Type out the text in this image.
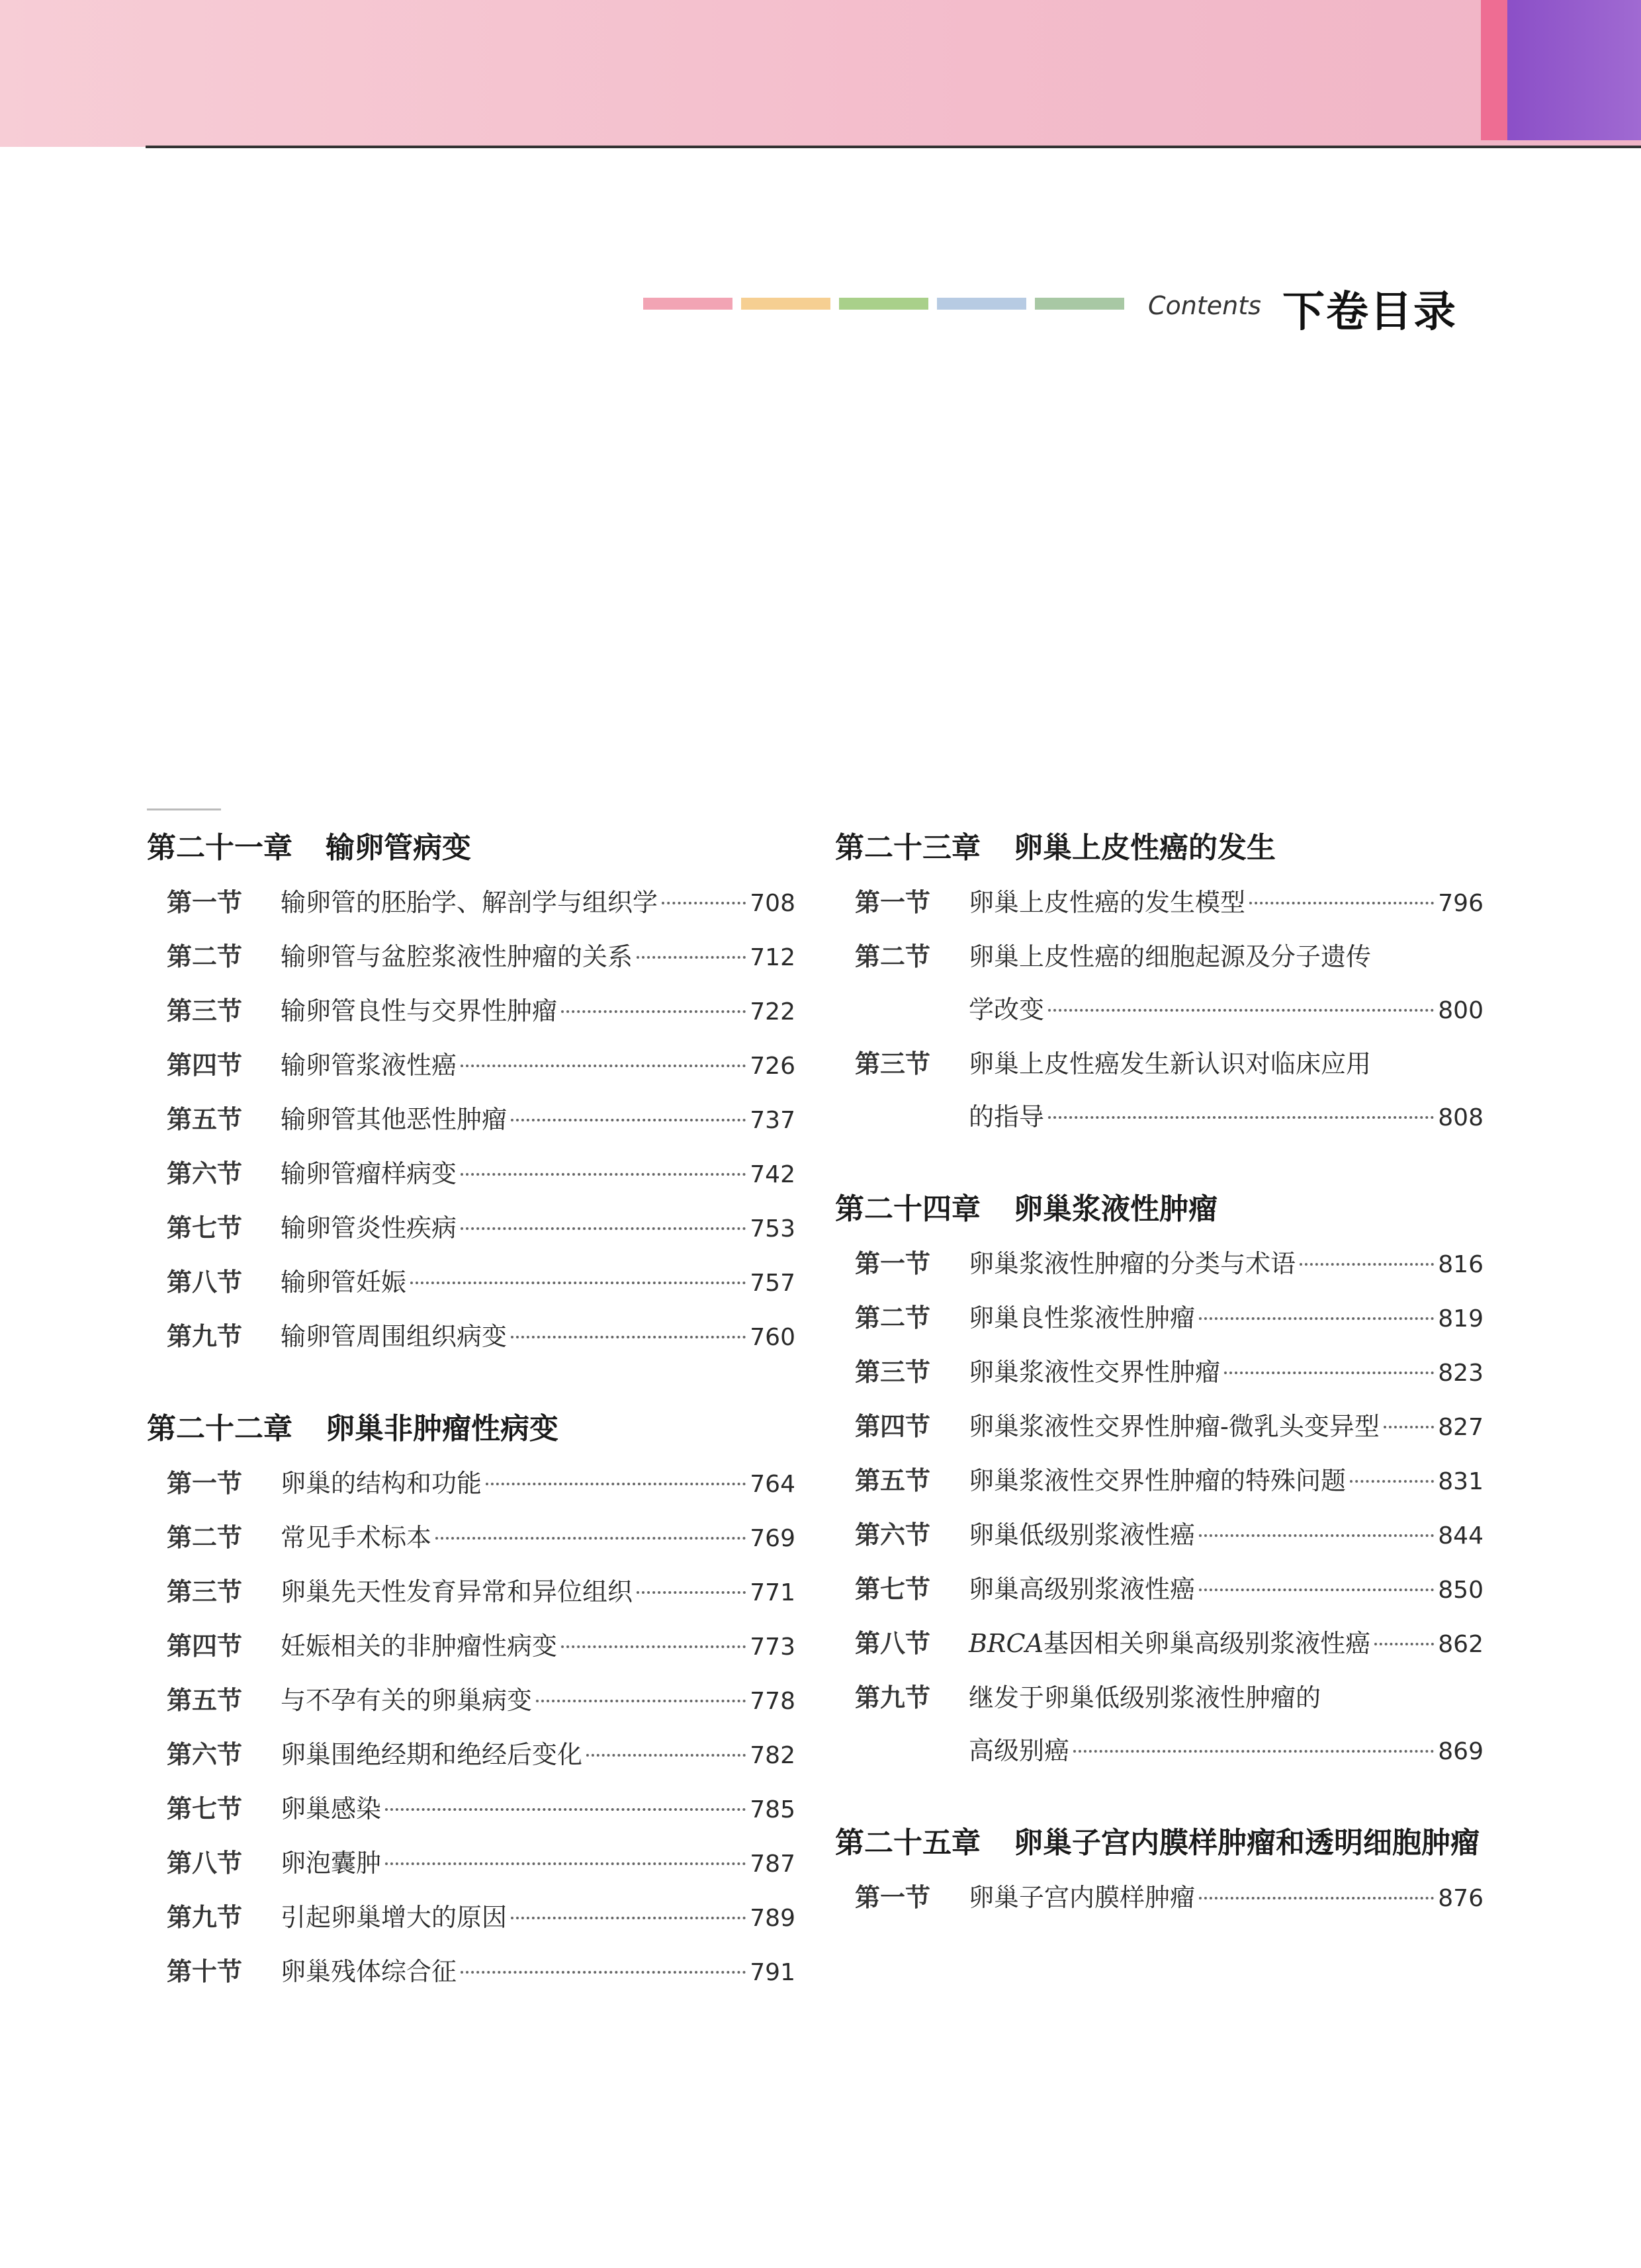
Contents 下卷目录
第二十一章 输卵管病变
第一节	输卵管的胚胎学、解剖学与组织学	708
第二节	输卵管与盆腔浆液性肿瘤的关系	712
第三节	输卵管良性与交界性肿瘤	722
第四节	输卵管浆液性癌	726
第五节	输卵管其他恶性肿瘤	737
第六节	输卵管瘤样病变	742
第七节	输卵管炎性疾病	753
第八节	输卵管妊娠	757
第九节	输卵管周围组织病变	760
第二十二章 卵巢非肿瘤性病变
第一节	卵巢的结构和功能	764
第二节	常见手术标本	769
第三节	卵巢先天性发育异常和异位组织	771
第四节	妊娠相关的非肿瘤性病变	773
第五节	与不孕有关的卵巢病变	778
第六节	卵巢围绝经期和绝经后变化	782
第七节	卵巢感染	785
第八节	卵泡囊肿	787
第九节	引起卵巢增大的原因	789
第十节	卵巢残体综合征	791
第二十三章 卵巢上皮性癌的发生
第一节	卵巢上皮性癌的发生模型	796
第二节	卵巢上皮性癌的细胞起源及分子遗传
学改变	800
第三节	卵巢上皮性癌发生新认识对临床应用
的指导	808
第二十四章 卵巢浆液性肿瘤
第一节	卵巢浆液性肿瘤的分类与术语	816
第二节	卵巢良性浆液性肿瘤	819
第三节	卵巢浆液性交界性肿瘤	823
第四节	卵巢浆液性交界性肿瘤-微乳头变异型 827
第五节	卵巢浆液性交界性肿瘤的特殊问题	831
第六节	卵巢低级别浆液性癌	844
第七节	卵巢高级别浆液性癌	850
第八节	BRCA基因相关卵巢高级别浆液性癌	862
第九节	继发于卵巢低级别浆液性肿瘤的
高级别癌	869
第二十五章 卵巢子宫内膜样肿瘤和透明细胞肿瘤
第一节	卵巢子宫内膜样肿瘤	876
